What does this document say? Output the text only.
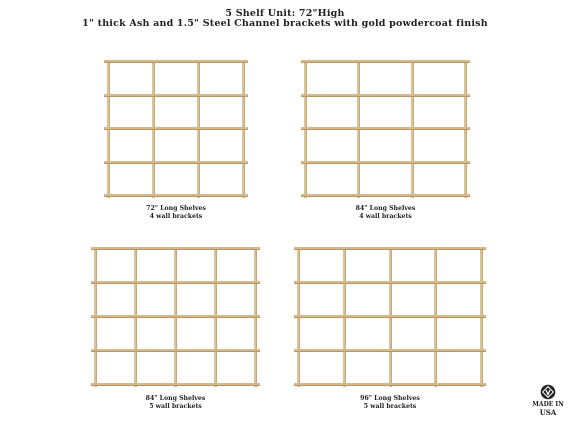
5 Shelf Unit: 72"High
1" thick Ash and 1.5" Steel Channel brackets with gold powdercoat finish
72" Long Shelves
4 wall brackets
84" Long Shelves
4 wall brackets
84" Long Shelves
5 wall brackets
96" Long Shelves
5 wall brackets	MADE IN
USA
